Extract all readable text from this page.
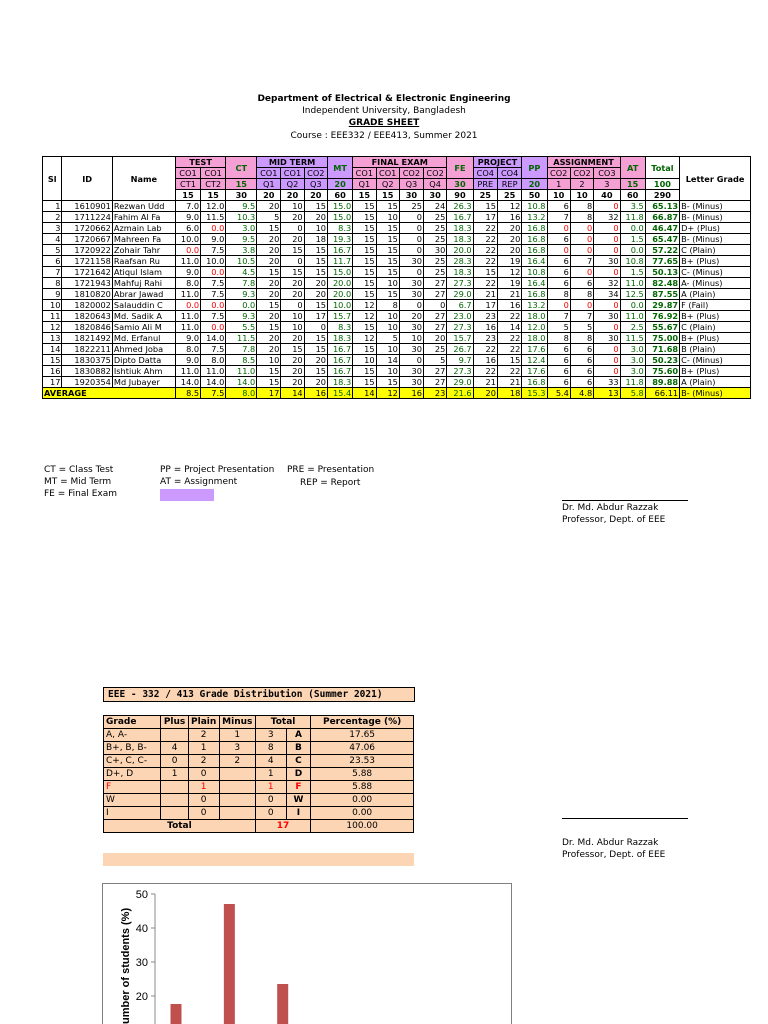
Department of Electrical & Electronic Engineering
Independent University, Bangladesh
GRADE SHEET
Course : EEE332 / EEE413, Summer 2021
Sl	ID	Name	TEST		CT	MID TERM			MT	FINAL EXAM				FE	PROJECT		PP	ASSIGNMENT			AT	Total	Letter Grade
			CO1	CO1		CO1	CO1	CO2		CO1	CO1	CO2	CO2		CO4	CO4		CO2	CO2	CO3			
			CT1	CT2	15	Q1	Q2	Q3	20	Q1	Q2	Q3	Q4	30	PRE	REP	20	1	2	3	15	100	
			15	15	30	20	20	20	60	15	15	30	30	90	25	25	50	10	10	40	60	290	
1	1610901	Rezwan Udd	7.0	12.0	9.5	20	10	15	15.0	15	15	25	24	26.3	15	12	10.8	6	8	0	3.5	65.13	B- (Minus)
2	1711224	Fahim Al Fa	9.0	11.5	10.3	5	20	20	15.0	15	10	0	25	16.7	17	16	13.2	7	8	32	11.8	66.87	B- (Minus)
3	1720662	Azmain Lab	6.0	0.0	3.0	15	0	10	8.3	15	15	0	25	18.3	22	20	16.8	0	0	0	0.0	46.47	D+ (Plus)
4	1720667	Mahreen Fa	10.0	9.0	9.5	20	20	18	19.3	15	15	0	25	18.3	22	20	16.8	6	0	0	1.5	65.47	B- (Minus)
5	1720922	Zohair Tahr	0.0	7.5	3.8	20	15	15	16.7	15	15	0	30	20.0	22	20	16.8	0	0	0	0.0	57.22	C (Plain)
6	1721158	Raafsan Ru	11.0	10.0	10.5	20	0	15	11.7	15	15	30	25	28.3	22	19	16.4	6	7	30	10.8	77.65	B+ (Plus)
7	1721642	Atiqul Islam	9.0	0.0	4.5	15	15	15	15.0	15	15	0	25	18.3	15	12	10.8	6	0	0	1.5	50.13	C- (Minus)
8	1721943	Mahfuj Rahi	8.0	7.5	7.8	20	20	20	20.0	15	10	30	27	27.3	22	19	16.4	6	6	32	11.0	82.48	A- (Minus)
9	1810820	Abrar Jawad	11.0	7.5	9.3	20	20	20	20.0	15	15	30	27	29.0	21	21	16.8	8	8	34	12.5	87.55	A (Plain)
10	1820002	Salauddin C	0.0	0.0	0.0	15	0	15	10.0	12	8	0	0	6.7	17	16	13.2	0	0	0	0.0	29.87	F (Fail)
11	1820643	Md. Sadik A	11.0	7.5	9.3	20	10	17	15.7	12	10	20	27	23.0	23	22	18.0	7	7	30	11.0	76.92	B+ (Plus)
12	1820846	Samio Ali M	11.0	0.0	5.5	15	10	0	8.3	15	10	30	27	27.3	16	14	12.0	5	5	0	2.5	55.67	C (Plain)
13	1821492	Md. Erfanul	9.0	14.0	11.5	20	20	15	18.3	12	5	10	20	15.7	23	22	18.0	8	8	30	11.5	75.00	B+ (Plus)
14	1822211	Ahmed Joba	8.0	7.5	7.8	20	15	15	16.7	15	10	30	25	26.7	22	22	17.6	6	6	0	3.0	71.68	B (Plain)
15	1830375	Dipto Datta	9.0	8.0	8.5	10	20	20	16.7	10	14	0	5	9.7	16	15	12.4	6	6	0	3.0	50.23	C- (Minus)
16	1830882	Ishtiuk Ahm	11.0	11.0	11.0	15	20	15	16.7	15	10	30	27	27.3	22	22	17.6	6	6	0	3.0	75.60	B+ (Plus)
17	1920354	Md Jubayer	14.0	14.0	14.0	15	20	20	18.3	15	15	30	27	29.0	21	21	16.8	6	6	33	11.8	89.88	A (Plain)
AVERAGE			8.5	7.5	8.0	17	14	16	15.4	14	12	16	23	21.6	20	18	15.3	5.4	4.8	13	5.8	66.11	B- (Minus)
CT = Class Test
MT = Mid Term
FE = Final Exam
PP = Project Presentation
AT = Assignment
PRE = Presentation
REP = Report
Dr. Md. Abdur Razzak
Professor, Dept. of EEE
EEE - 332 / 413 Grade Distribution (Summer 2021)
Grade	Plus	Plain	Minus	Total		Percentage (%)
A, A-		2	1	3	A	17.65
B+, B, B-	4	1	3	8	B	47.06
C+, C, C-	0	2	2	4	C	23.53
D+, D	1	0		1	D	5.88
F		1		1	F	5.88
W		0		0	W	0.00
I		0		0	I	0.00
Total				17		100.00
Dr. Md. Abdur Razzak
Professor, Dept. of EEE
50
40
30
20
umber of students (%)
